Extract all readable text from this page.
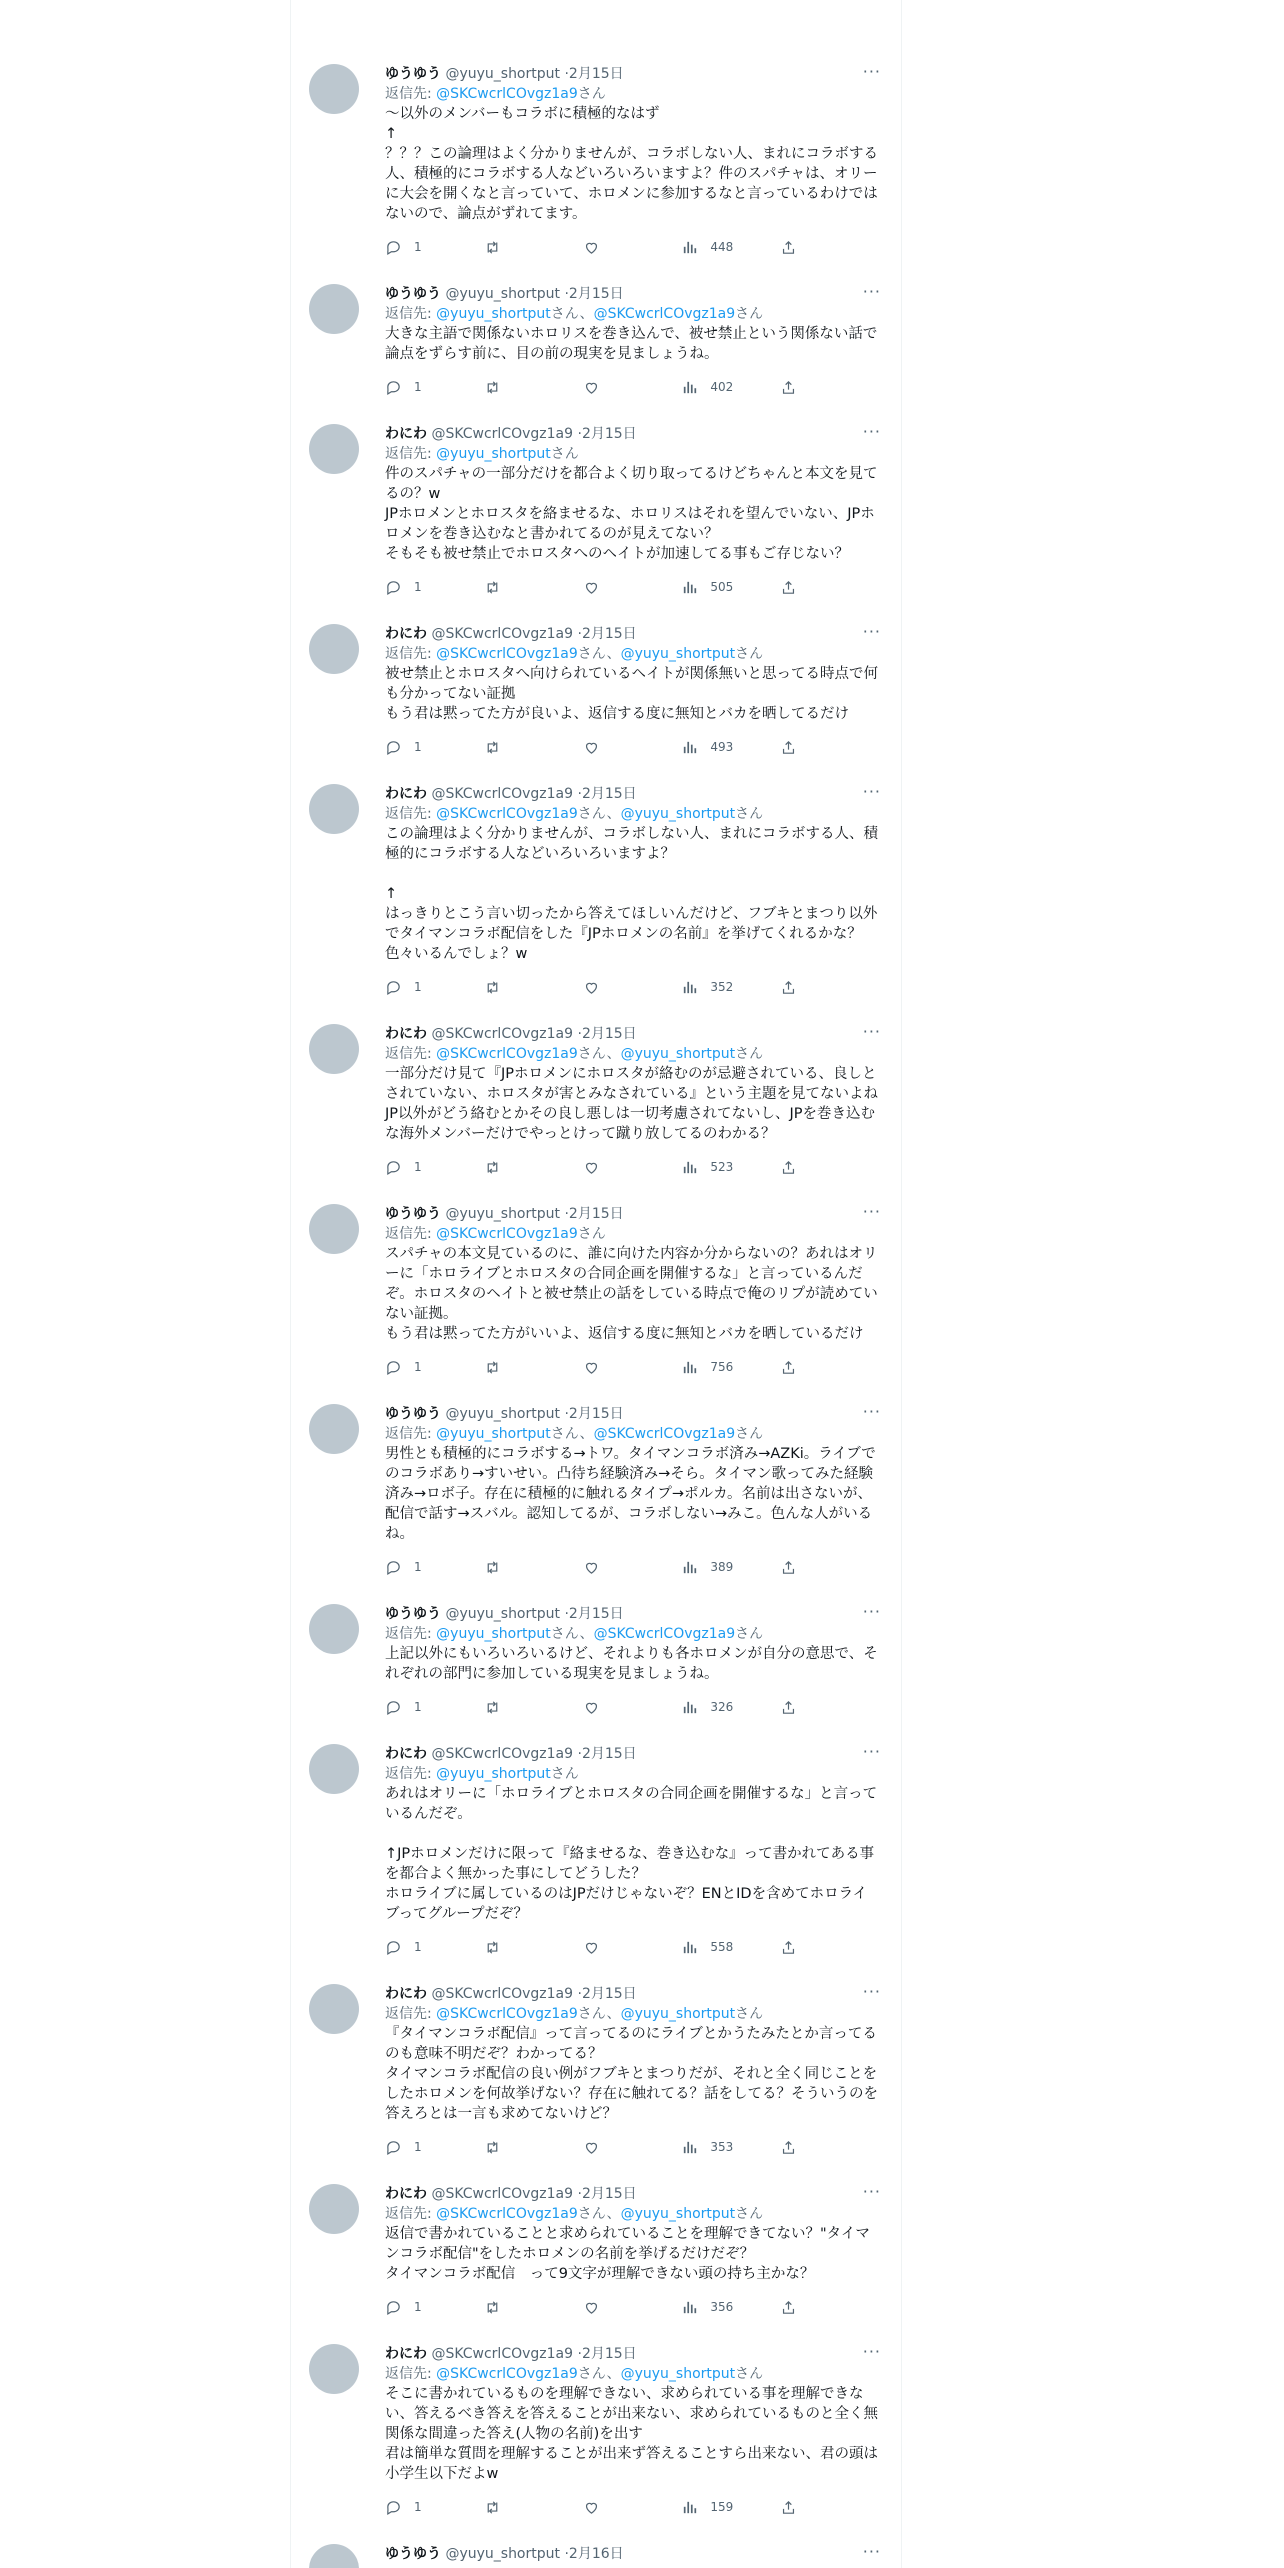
···
ゆうゆう @yuyu_shortput ·2月15日
返信先: @SKCwcrlCOvgz1a9さん
～以外のメンバーもコラボに積極的なはず
↑
？？？この論理はよく分かりませんが、コラボしない人、まれにコラボする人、積極的にコラボする人などいろいろいますよ？件のスパチャは、オリーに大会を開くなと言っていて、ホロメンに参加するなと言っているわけではないので、論点がずれてます。
1	448
···
ゆうゆう @yuyu_shortput ·2月15日
返信先: @yuyu_shortputさん、@SKCwcrlCOvgz1a9さん
大きな主語で関係ないホロリスを巻き込んで、被せ禁止という関係ない話で論点をずらす前に、目の前の現実を見ましょうね。
1	402
···
わにわ @SKCwcrlCOvgz1a9 ·2月15日
返信先: @yuyu_shortputさん
件のスパチャの一部分だけを都合よく切り取ってるけどちゃんと本文を見てるの？w
JPホロメンとホロスタを絡ませるな、ホロリスはそれを望んでいない、JPホロメンを巻き込むなと書かれてるのが見えてない？
そもそも被せ禁止でホロスタへのヘイトが加速してる事もご存じない？
1	505
···
わにわ @SKCwcrlCOvgz1a9 ·2月15日
返信先: @SKCwcrlCOvgz1a9さん、@yuyu_shortputさん
被せ禁止とホロスタへ向けられているヘイトが関係無いと思ってる時点で何も分かってない証拠
もう君は黙ってた方が良いよ、返信する度に無知とバカを晒してるだけ
1	493
···
わにわ @SKCwcrlCOvgz1a9 ·2月15日
返信先: @SKCwcrlCOvgz1a9さん、@yuyu_shortputさん
この論理はよく分かりませんが、コラボしない人、まれにコラボする人、積極的にコラボする人などいろいろいますよ？

↑
はっきりとこう言い切ったから答えてほしいんだけど、フブキとまつり以外でタイマンコラボ配信をした『JPホロメンの名前』を挙げてくれるかな？色々いるんでしょ？w
1	352
···
わにわ @SKCwcrlCOvgz1a9 ·2月15日
返信先: @SKCwcrlCOvgz1a9さん、@yuyu_shortputさん
一部分だけ見て『JPホロメンにホロスタが絡むのが忌避されている、良しとされていない、ホロスタが害とみなされている』という主題を見てないよね
JP以外がどう絡むとかその良し悪しは一切考慮されてないし、JPを巻き込むな海外メンバーだけでやっとけって蹴り放してるのわかる？
1	523
···
ゆうゆう @yuyu_shortput ·2月15日
返信先: @SKCwcrlCOvgz1a9さん
スパチャの本文見ているのに、誰に向けた内容か分からないの？あれはオリーに「ホロライブとホロスタの合同企画を開催するな」と言っているんだぞ。ホロスタのヘイトと被せ禁止の話をしている時点で俺のリプが読めていない証拠。
もう君は黙ってた方がいいよ、返信する度に無知とバカを晒しているだけ
1	756
···
ゆうゆう @yuyu_shortput ·2月15日
返信先: @yuyu_shortputさん、@SKCwcrlCOvgz1a9さん
男性とも積極的にコラボする→トワ。タイマンコラボ済み→AZKi。ライブでのコラボあり→すいせい。凸待ち経験済み→そら。タイマン歌ってみた経験済み→ロボ子。存在に積極的に触れるタイプ→ポルカ。名前は出さないが、配信で話す→スバル。認知してるが、コラボしない→みこ。色んな人がいるね。
1	389
···
ゆうゆう @yuyu_shortput ·2月15日
返信先: @yuyu_shortputさん、@SKCwcrlCOvgz1a9さん
上記以外にもいろいろいるけど、それよりも各ホロメンが自分の意思で、それぞれの部門に参加している現実を見ましょうね。
1	326
···
わにわ @SKCwcrlCOvgz1a9 ·2月15日
返信先: @yuyu_shortputさん
あれはオリーに「ホロライブとホロスタの合同企画を開催するな」と言っているんだぞ。

↑JPホロメンだけに限って『絡ませるな、巻き込むな』って書かれてある事を都合よく無かった事にしてどうした？
ホロライブに属しているのはJPだけじゃないぞ？ENとIDを含めてホロライブってグループだぞ？
1	558
···
わにわ @SKCwcrlCOvgz1a9 ·2月15日
返信先: @SKCwcrlCOvgz1a9さん、@yuyu_shortputさん
『タイマンコラボ配信』って言ってるのにライブとかうたみたとか言ってるのも意味不明だぞ？わかってる？
タイマンコラボ配信の良い例がフブキとまつりだが、それと全く同じことをしたホロメンを何故挙げない？存在に触れてる？話をしてる？そういうのを答えろとは一言も求めてないけど？
1	353
···
わにわ @SKCwcrlCOvgz1a9 ·2月15日
返信先: @SKCwcrlCOvgz1a9さん、@yuyu_shortputさん
返信で書かれていることと求められていることを理解できてない？"タイマンコラボ配信"をしたホロメンの名前を挙げるだけだぞ？
タイマンコラボ配信　って9文字が理解できない頭の持ち主かな？
1	356
···
わにわ @SKCwcrlCOvgz1a9 ·2月15日
返信先: @SKCwcrlCOvgz1a9さん、@yuyu_shortputさん
そこに書かれているものを理解できない、求められている事を理解できない、答えるべき答えを答えることが出来ない、求められているものと全く無関係な間違った答え(人物の名前)を出す
君は簡単な質問を理解することが出来ず答えることすら出来ない、君の頭は小学生以下だよw
1	159
···
ゆうゆう @yuyu_shortput ·2月16日
